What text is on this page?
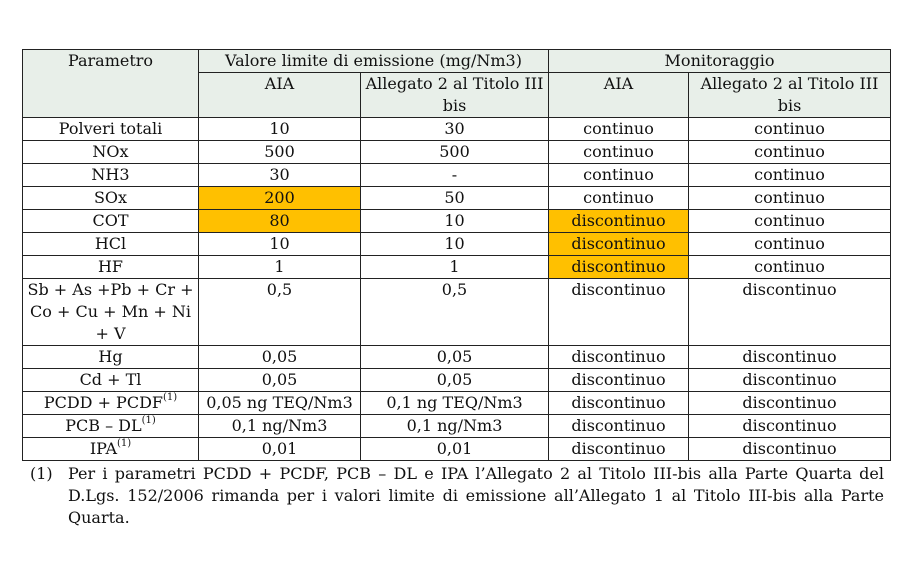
Parametro	Valore limite di emissione (mg/Nm3)		Monitoraggio	
	AIA	Allegato 2 al Titolo III bis	AIA	Allegato 2 al Titolo III bis
Polveri totali	10	30	continuo	continuo
NOx	500	500	continuo	continuo
NH3	30	-	continuo	continuo
SOx	200	50	continuo	continuo
COT	80	10	discontinuo	continuo
HCl	10	10	discontinuo	continuo
HF	1	1	discontinuo	continuo
Sb + As +Pb + Cr + Co + Cu + Mn + Ni + V	0,5	0,5	discontinuo	discontinuo
Hg	0,05	0,05	discontinuo	discontinuo
Cd + Tl	0,05	0,05	discontinuo	discontinuo
PCDD + $PCDF^{(1)}$	0,05 ng TEQ/Nm3	0,1 ng TEQ/Nm3	discontinuo	discontinuo
PCB – DL$^{(1)}$	0,1 ng/Nm3	0,1 ng/Nm3	discontinuo	discontinuo
IPA$^{(1)}$	0,01	0,01	discontinuo	discontinuo
(1) Per i parametri PCDD + PCDF, PCB – DL e IPA l’Allegato 2 al Titolo III-bis alla Parte Quarta del D.Lgs. 152/2006 rimanda per i valori limite di emissione all’Allegato 1 al Titolo III-bis alla Parte Quarta.
